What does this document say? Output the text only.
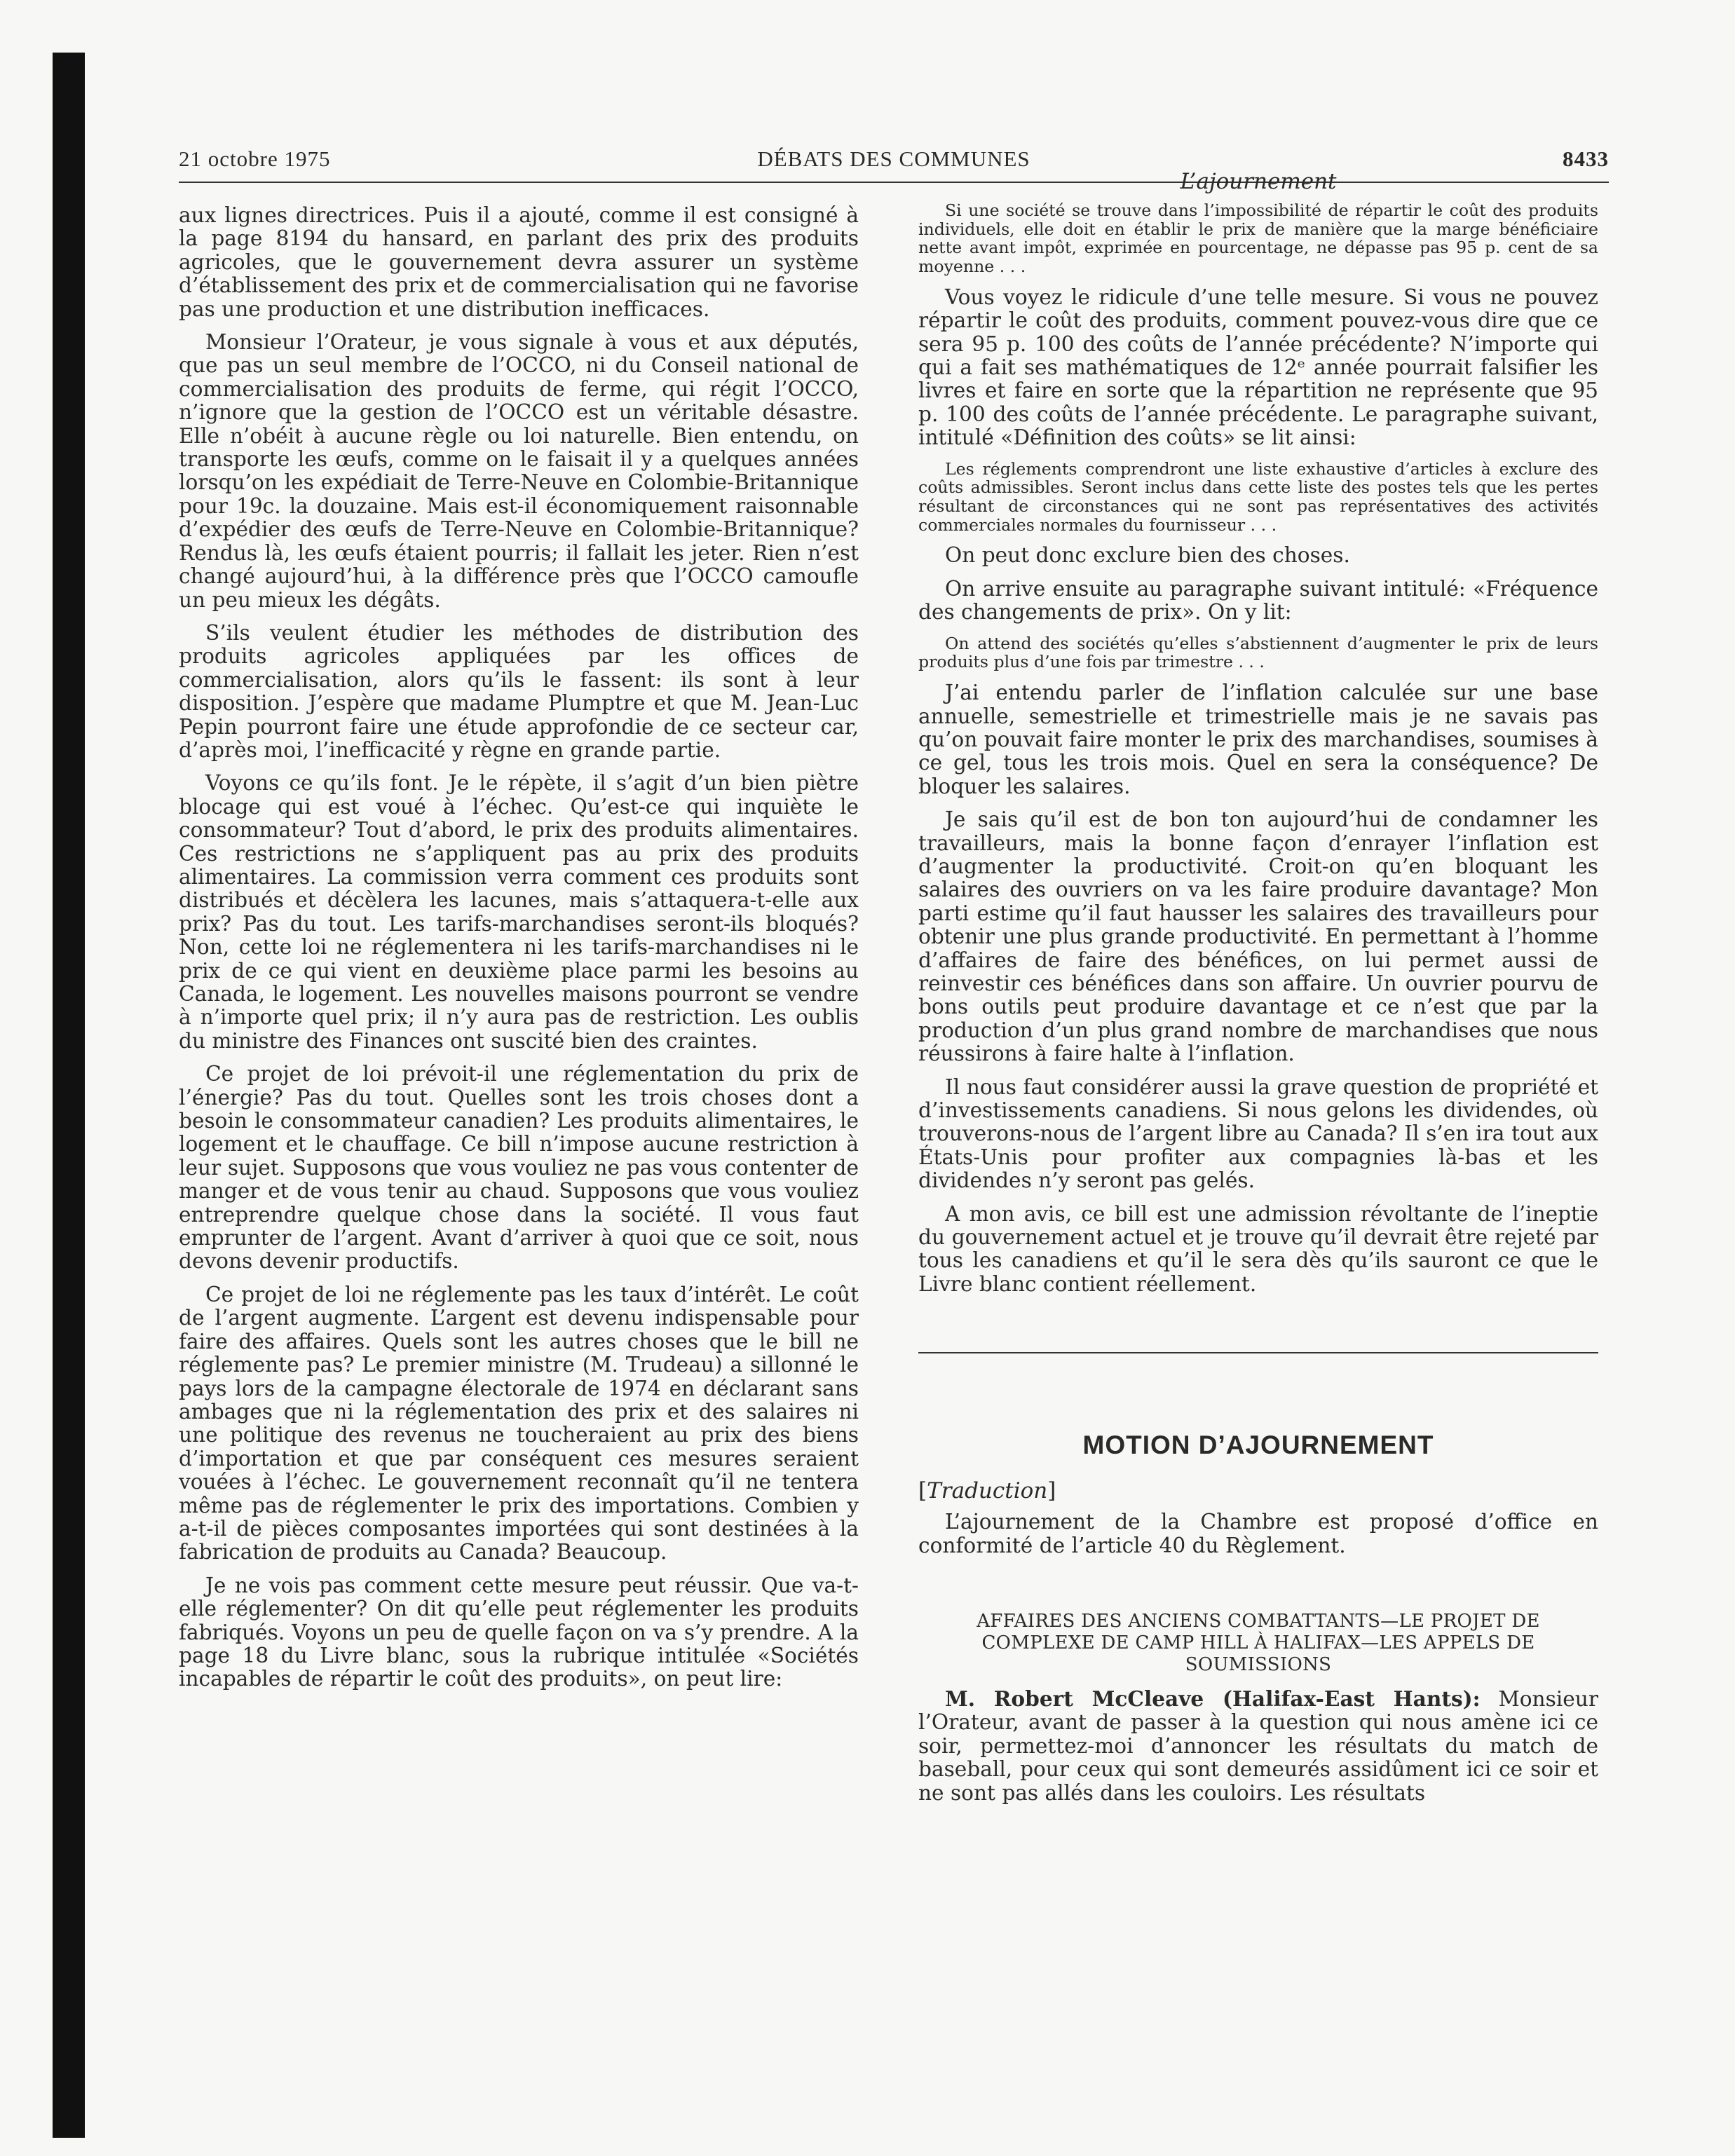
DÉBATS DES COMMUNES
21 octobre 1975	8433

aux lignes directrices. Puis il a ajouté, comme il est consigné à la page 8194 du hansard, en parlant des prix des produits agricoles, que le gouvernement devra assurer un système d’établissement des prix et de commercialisation qui ne favorise pas une production et une distribution inefficaces.

Monsieur l’Orateur, je vous signale à vous et aux députés, que pas un seul membre de l’OCCO, ni du Conseil national de commercialisation des produits de ferme, qui régit l’OCCO, n’ignore que la gestion de l’OCCO est un véritable désastre. Elle n’obéit à aucune règle ou loi naturelle. Bien entendu, on transporte les œufs, comme on le faisait il y a quelques années lorsqu’on les expédiait de Terre-Neuve en Colombie-Britannique pour 19c. la douzaine. Mais est-il économiquement raisonnable d’expédier des œufs de Terre-Neuve en Colombie-Britannique? Rendus là, les œufs étaient pourris; il fallait les jeter. Rien n’est changé aujourd’hui, à la différence près que l’OCCO camoufle un peu mieux les dégâts.

S’ils veulent étudier les méthodes de distribution des produits agricoles appliquées par les offices de commercialisation, alors qu’ils le fassent: ils sont à leur disposition. J’espère que madame Plumptre et que M. Jean-Luc Pepin pourront faire une étude approfondie de ce secteur car, d’après moi, l’inefficacité y règne en grande partie.

Voyons ce qu’ils font. Je le répète, il s’agit d’un bien piètre blocage qui est voué à l’échec. Qu’est-ce qui inquiète le consommateur? Tout d’abord, le prix des produits alimentaires. Ces restrictions ne s’appliquent pas au prix des produits alimentaires. La commission verra comment ces produits sont distribués et décèlera les lacunes, mais s’attaquera-t-elle aux prix? Pas du tout. Les tarifs-marchandises seront-ils bloqués? Non, cette loi ne réglementera ni les tarifs-marchandises ni le prix de ce qui vient en deuxième place parmi les besoins au Canada, le logement. Les nouvelles maisons pourront se vendre à n’importe quel prix; il n’y aura pas de restriction. Les oublis du ministre des Finances ont suscité bien des craintes.

Ce projet de loi prévoit-il une réglementation du prix de l’énergie? Pas du tout. Quelles sont les trois choses dont a besoin le consommateur canadien? Les produits alimentaires, le logement et le chauffage. Ce bill n’impose aucune restriction à leur sujet. Supposons que vous vouliez ne pas vous contenter de manger et de vous tenir au chaud. Supposons que vous vouliez entreprendre quelque chose dans la société. Il vous faut emprunter de l’argent. Avant d’arriver à quoi que ce soit, nous devons devenir productifs.

Ce projet de loi ne réglemente pas les taux d’intérêt. Le coût de l’argent augmente. L’argent est devenu indispensable pour faire des affaires. Quels sont les autres choses que le bill ne réglemente pas? Le premier ministre (M. Trudeau) a sillonné le pays lors de la campagne électorale de 1974 en déclarant sans ambages que ni la réglementation des prix et des salaires ni une politique des revenus ne toucheraient au prix des biens d’importation et que par conséquent ces mesures seraient vouées à l’échec. Le gouvernement reconnaît qu’il ne tentera même pas de réglementer le prix des importations. Combien y a-t-il de pièces composantes importées qui sont destinées à la fabrication de produits au Canada? Beaucoup.

Je ne vois pas comment cette mesure peut réussir. Que va-t-elle réglementer? On dit qu’elle peut réglementer les produits fabriqués. Voyons un peu de quelle façon on va s’y prendre. A la page 18 du Livre blanc, sous la rubrique intitulée «Sociétés incapables de répartir le coût des produits», on peut lire:

L’ajournement

Si une société se trouve dans l’impossibilité de répartir le coût des produits individuels, elle doit en établir le prix de manière que la marge bénéficiaire nette avant impôt, exprimée en pourcentage, ne dépasse pas 95 p. cent de sa moyenne . . .

Vous voyez le ridicule d’une telle mesure. Si vous ne pouvez répartir le coût des produits, comment pouvez-vous dire que ce sera 95 p. 100 des coûts de l’année précédente? N’importe qui qui a fait ses mathématiques de 12ᵉ année pourrait falsifier les livres et faire en sorte que la répartition ne représente que 95 p. 100 des coûts de l’année précédente. Le paragraphe suivant, intitulé «Définition des coûts» se lit ainsi:

Les réglements comprendront une liste exhaustive d’articles à exclure des coûts admissibles. Seront inclus dans cette liste des postes tels que les pertes résultant de circonstances qui ne sont pas représentatives des activités commerciales normales du fournisseur . . .

On peut donc exclure bien des choses.

On arrive ensuite au paragraphe suivant intitulé: «Fréquence des changements de prix». On y lit:

On attend des sociétés qu’elles s’abstiennent d’augmenter le prix de leurs produits plus d’une fois par trimestre . . .

J’ai entendu parler de l’inflation calculée sur une base annuelle, semestrielle et trimestrielle mais je ne savais pas qu’on pouvait faire monter le prix des marchandises, soumises à ce gel, tous les trois mois. Quel en sera la conséquence? De bloquer les salaires.

Je sais qu’il est de bon ton aujourd’hui de condamner les travailleurs, mais la bonne façon d’enrayer l’inflation est d’augmenter la productivité. Croit-on qu’en bloquant les salaires des ouvriers on va les faire produire davantage? Mon parti estime qu’il faut hausser les salaires des travailleurs pour obtenir une plus grande productivité. En permettant à l’homme d’affaires de faire des bénéfices, on lui permet aussi de reinvestir ces bénéfices dans son affaire. Un ouvrier pourvu de bons outils peut produire davantage et ce n’est que par la production d’un plus grand nombre de marchandises que nous réussirons à faire halte à l’inflation.

Il nous faut considérer aussi la grave question de propriété et d’investissements canadiens. Si nous gelons les dividendes, où trouverons-nous de l’argent libre au Canada? Il s’en ira tout aux États-Unis pour profiter aux compagnies là-bas et les dividendes n’y seront pas gelés.

A mon avis, ce bill est une admission révoltante de l’ineptie du gouvernement actuel et je trouve qu’il devrait être rejeté par tous les canadiens et qu’il le sera dès qu’ils sauront ce que le Livre blanc contient réellement.

MOTION D’AJOURNEMENT
[Traduction]

L’ajournement de la Chambre est proposé d’office en conformité de l’article 40 du Règlement.

AFFAIRES DES ANCIENS COMBATTANTS—LE PROJET DE COMPLEXE DE CAMP HILL À HALIFAX—LES APPELS DE SOUMISSIONS

M. Robert McCleave (Halifax-East Hants): Monsieur l’Orateur, avant de passer à la question qui nous amène ici ce soir, permettez-moi d’annoncer les résultats du match de baseball, pour ceux qui sont demeurés assidûment ici ce soir et ne sont pas allés dans les couloirs. Les résultats
